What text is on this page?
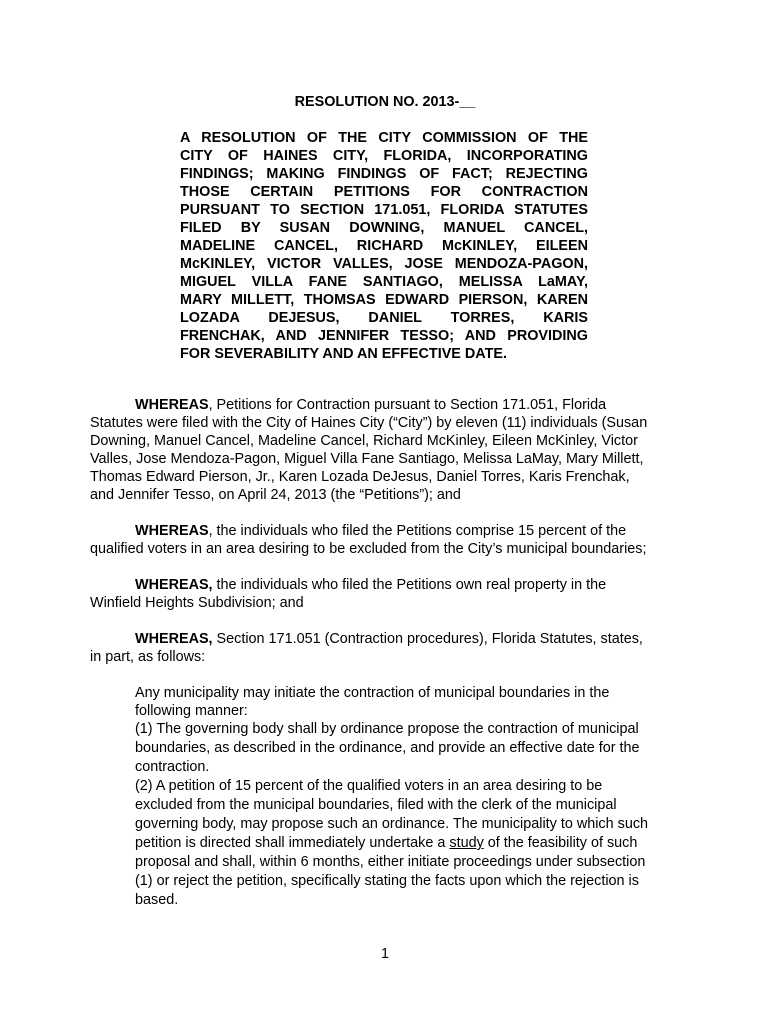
RESOLUTION NO. 2013-__
A RESOLUTION OF THE CITY COMMISSION OF THE
CITY OF HAINES CITY, FLORIDA, INCORPORATING
FINDINGS; MAKING FINDINGS OF FACT; REJECTING
THOSE CERTAIN PETITIONS FOR CONTRACTION
PURSUANT TO SECTION 171.051, FLORIDA STATUTES
FILED BY SUSAN DOWNING, MANUEL CANCEL,
MADELINE CANCEL, RICHARD McKINLEY, EILEEN
McKINLEY, VICTOR VALLES, JOSE MENDOZA-PAGON,
MIGUEL VILLA FANE SANTIAGO, MELISSA LaMAY,
MARY MILLETT, THOMSAS EDWARD PIERSON, KAREN
LOZADA DEJESUS, DANIEL TORRES, KARIS
FRENCHAK, AND JENNIFER TESSO; AND PROVIDING
FOR SEVERABILITY AND AN EFFECTIVE DATE.
WHEREAS, Petitions for Contraction pursuant to Section 171.051, Florida
Statutes were filed with the City of Haines City (“City”) by eleven (11) individuals (Susan
Downing, Manuel Cancel, Madeline Cancel, Richard McKinley, Eileen McKinley, Victor
Valles, Jose Mendoza-Pagon, Miguel Villa Fane Santiago, Melissa LaMay, Mary Millett,
Thomas Edward Pierson, Jr., Karen Lozada DeJesus, Daniel Torres, Karis Frenchak,
and Jennifer Tesso, on April 24, 2013 (the “Petitions”); and
WHEREAS, the individuals who filed the Petitions comprise 15 percent of the
qualified voters in an area desiring to be excluded from the City’s municipal boundaries;
WHEREAS, the individuals who filed the Petitions own real property in the
Winfield Heights Subdivision; and
WHEREAS, Section 171.051 (Contraction procedures), Florida Statutes, states,
in part, as follows:
Any municipality may initiate the contraction of municipal boundaries in the
following manner:
(1) The governing body shall by ordinance propose the contraction of municipal
boundaries, as described in the ordinance, and provide an effective date for the
contraction.
(2) A petition of 15 percent of the qualified voters in an area desiring to be
excluded from the municipal boundaries, filed with the clerk of the municipal
governing body, may propose such an ordinance. The municipality to which such
petition is directed shall immediately undertake a study of the feasibility of such
proposal and shall, within 6 months, either initiate proceedings under subsection
(1) or reject the petition, specifically stating the facts upon which the rejection is
based.
1
